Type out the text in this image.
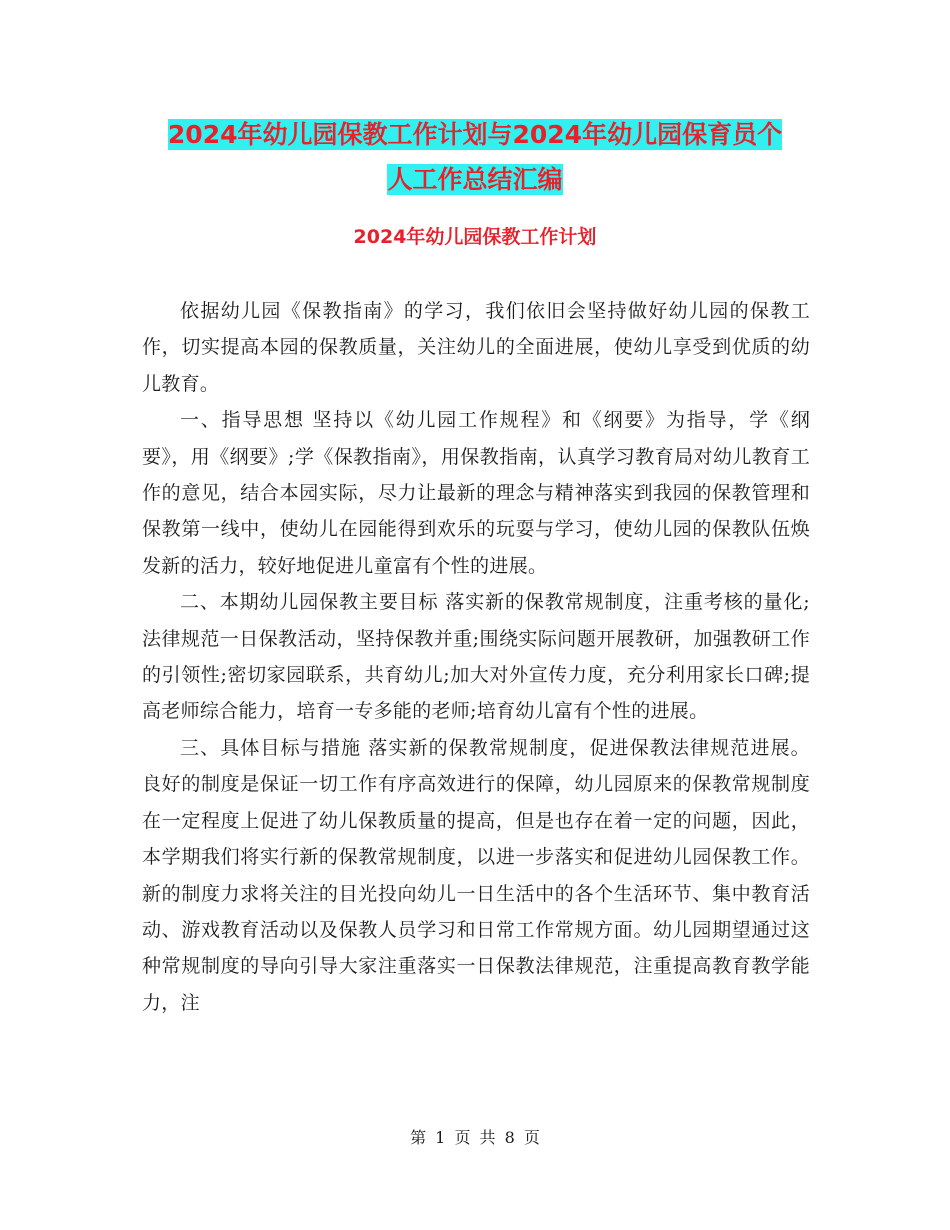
2024年幼儿园保教工作计划与2024年幼儿园保育员个
人工作总结汇编
2024年幼儿园保教工作计划

依据幼儿园《保教指南》的学习，我们依旧会坚持做好幼儿园的保教工作，切实提高本园的保教质量，关注幼儿的全面进展，使幼儿享受到优质的幼儿教育。

一、指导思想 坚持以《幼儿园工作规程》和《纲要》为指导，学《纲要》，用《纲要》;学《保教指南》，用保教指南，认真学习教育局对幼儿教育工作的意见，结合本园实际，尽力让最新的理念与精神落实到我园的保教管理和保教第一线中，使幼儿在园能得到欢乐的玩耍与学习，使幼儿园的保教队伍焕发新的活力，较好地促进儿童富有个性的进展。

二、本期幼儿园保教主要目标 落实新的保教常规制度，注重考核的量化;法律规范一日保教活动，坚持保教并重;围绕实际问题开展教研，加强教研工作的引领性;密切家园联系，共育幼儿;加大对外宣传力度，充分利用家长口碑;提高老师综合能力，培育一专多能的老师;培育幼儿富有个性的进展。

三、具体目标与措施 落实新的保教常规制度，促进保教法律规范进展。 良好的制度是保证一切工作有序高效进行的保障，幼儿园原来的保教常规制度在一定程度上促进了幼儿保教质量的提高，但是也存在着一定的问题，因此，本学期我们将实行新的保教常规制度，以进一步落实和促进幼儿园保教工作。新的制度力求将关注的目光投向幼儿一日生活中的各个生活环节、集中教育活动、游戏教育活动以及保教人员学习和日常工作常规方面。幼儿园期望通过这种常规制度的导向引导大家注重落实一日保教法律规范，注重提高教育教学能力，注

第 1 页 共 8 页
